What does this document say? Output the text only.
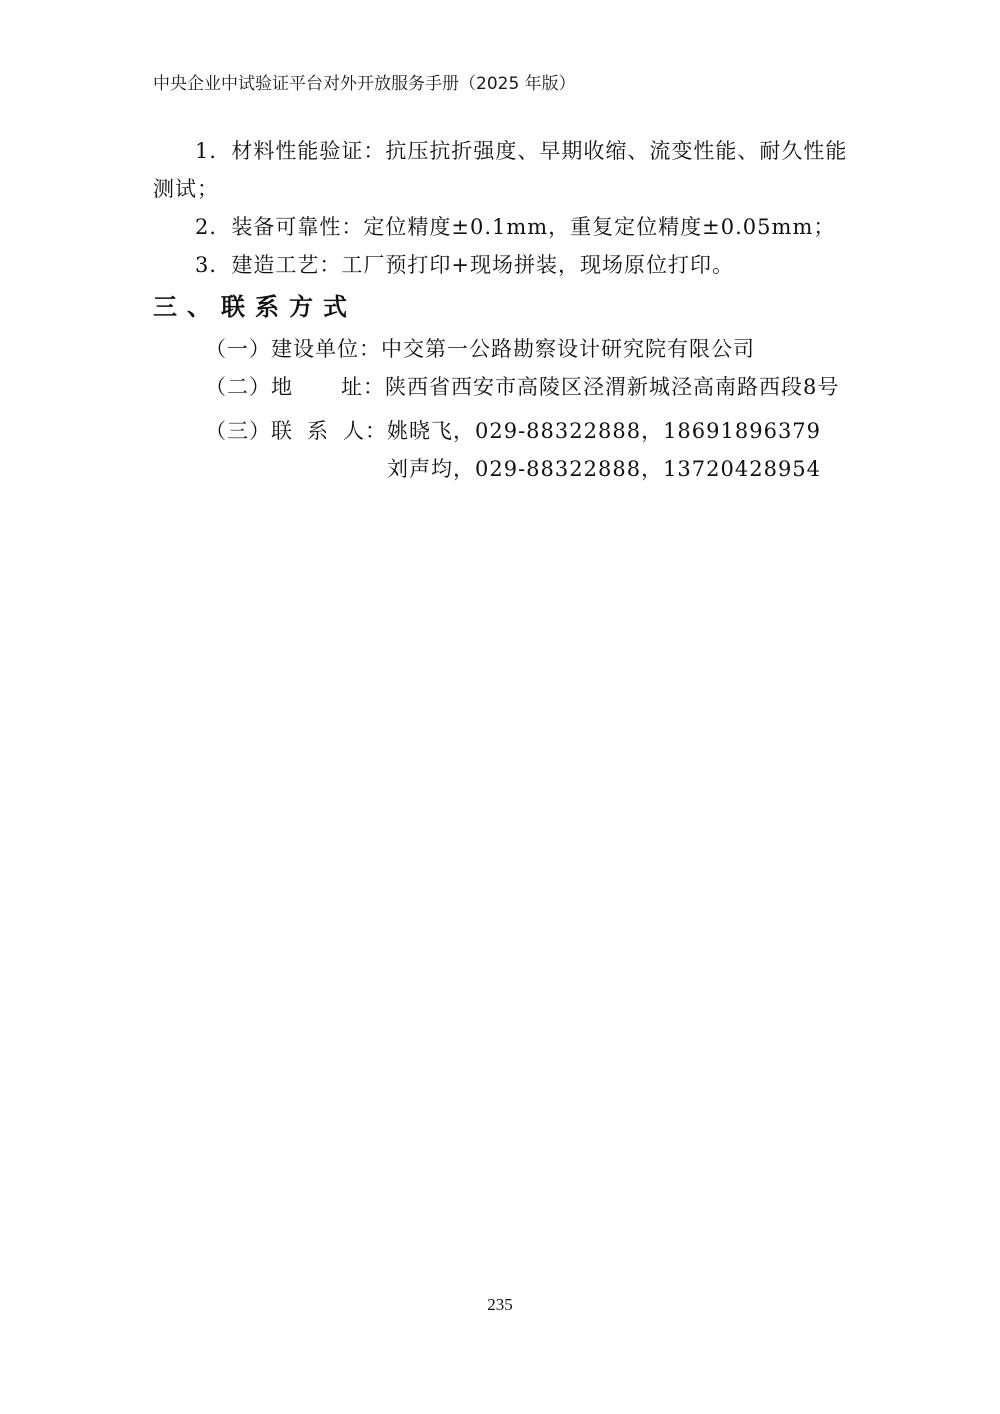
中央企业中试验证平台对外开放服务手册（2025 年版）

1．材料性能验证：抗压抗折强度、早期收缩、流变性能、耐久性能测试；

2．装备可靠性：定位精度±0.1mm，重复定位精度±0.05mm；

3．建造工艺：工厂预打印+现场拼装，现场原位打印。

三、联系方式

（一）建设单位：中交第一公路勘察设计研究院有限公司

（二）地 址：陕西省西安市高陵区泾渭新城泾高南路西段8号

（三）联 系 人：姚晓飞，029-88322888，18691896379

刘声均，029-88322888，13720428954

235
